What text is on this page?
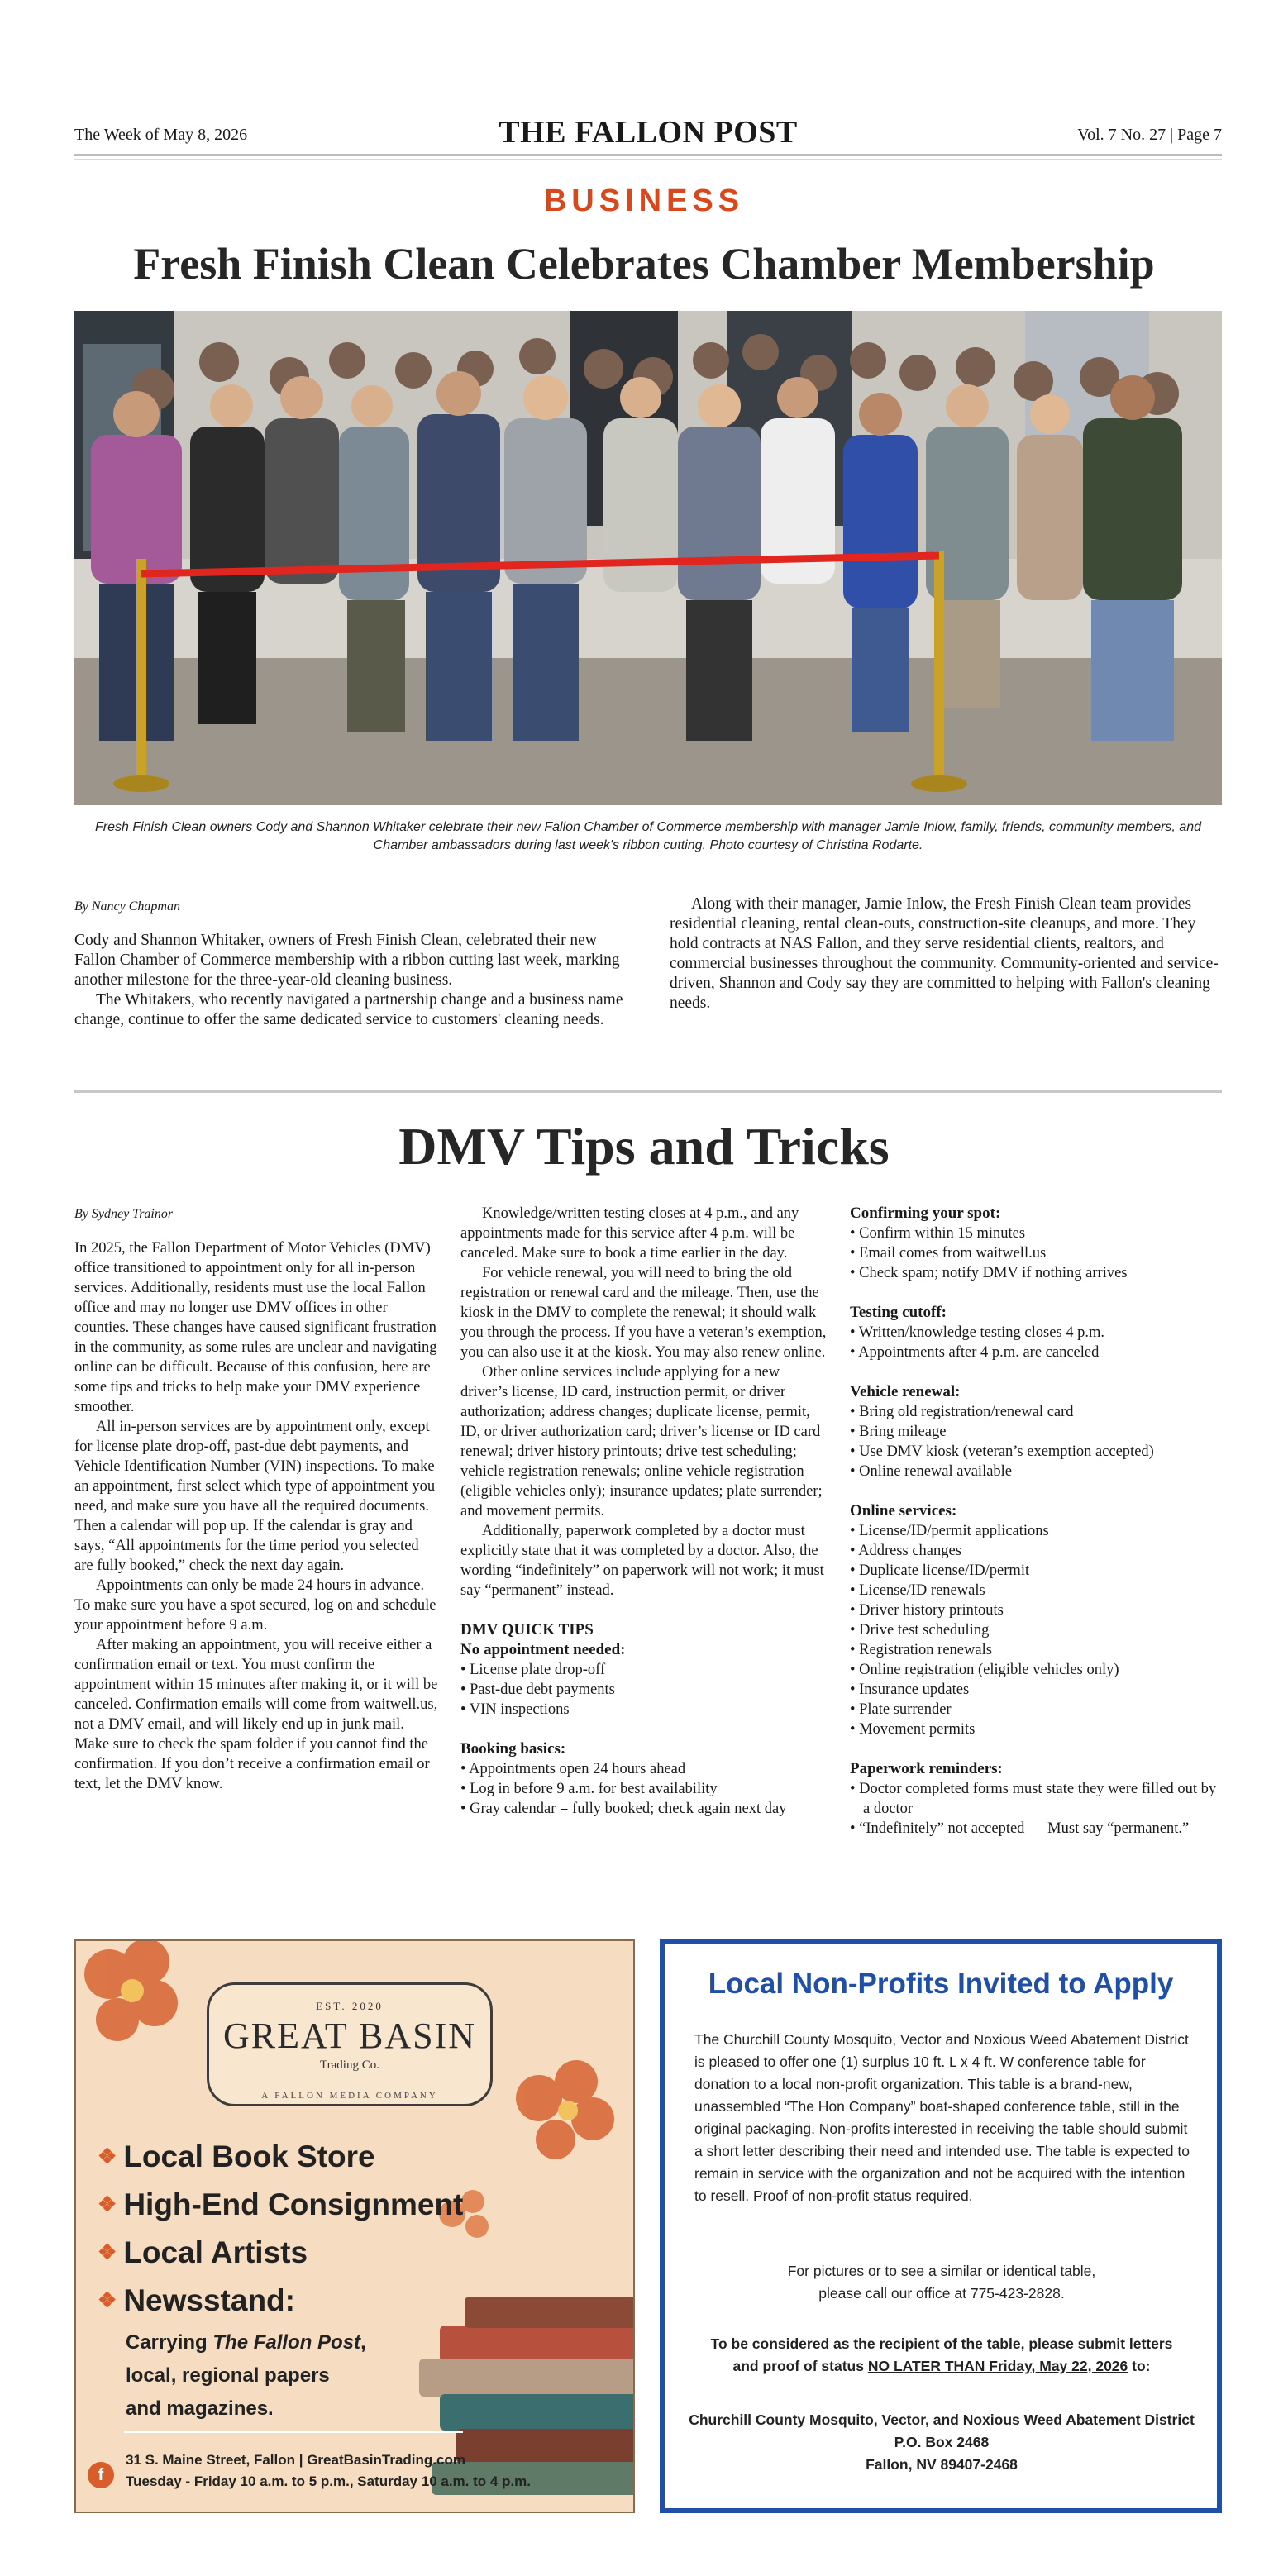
The Week of May 8, 2026	THE FALLON POST	Vol. 7 No. 27 | Page 7
BUSINESS
Fresh Finish Clean Celebrates Chamber Membership
Fresh Finish Clean owners Cody and Shannon Whitaker celebrate their new Fallon Chamber of Commerce membership with manager Jamie Inlow, family, friends, community members, and Chamber ambassadors during last week's ribbon cutting. Photo courtesy of Christina Rodarte.
By Nancy Chapman

Cody and Shannon Whitaker, owners of Fresh Finish Clean, celebrated their new Fallon Chamber of Commerce membership with a ribbon cutting last week, marking another milestone for the three-year-old cleaning business.

The Whitakers, who recently navigated a partnership change and a business name change, continue to offer the same dedicated service to customers' cleaning needs.

Along with their manager, Jamie Inlow, the Fresh Finish Clean team provides residential cleaning, rental clean-outs, construction-site cleanups, and more. They hold contracts at NAS Fallon, and they serve residential clients, realtors, and commercial businesses throughout the community. Community-oriented and service-driven, Shannon and Cody say they are committed to helping with Fallon's cleaning needs.

DMV Tips and Tricks
By Sydney Trainor

In 2025, the Fallon Department of Motor Vehicles (DMV) office transitioned to appointment only for all in-person services. Additionally, residents must use the local Fallon office and may no longer use DMV offices in other counties. These changes have caused significant frustration in the community, as some rules are unclear and navigating online can be difficult. Because of this confusion, here are some tips and tricks to help make your DMV experience smoother.

All in-person services are by appointment only, except for license plate drop-off, past-due debt payments, and Vehicle Identification Number (VIN) inspections. To make an appointment, first select which type of appointment you need, and make sure you have all the required documents. Then a calendar will pop up. If the calendar is gray and says, “All appointments for the time period you selected are fully booked,” check the next day again.

Appointments can only be made 24 hours in advance. To make sure you have a spot secured, log on and schedule your appointment before 9 a.m.

After making an appointment, you will receive either a confirmation email or text. You must confirm the appointment within 15 minutes after making it, or it will be canceled. Confirmation emails will come from waitwell.us, not a DMV email, and will likely end up in junk mail. Make sure to check the spam folder if you cannot find the confirmation. If you don’t receive a confirmation email or text, let the DMV know.

Knowledge/written testing closes at 4 p.m., and any appointments made for this service after 4 p.m. will be canceled. Make sure to book a time earlier in the day.

For vehicle renewal, you will need to bring the old registration or renewal card and the mileage. Then, use the kiosk in the DMV to complete the renewal; it should walk you through the process. If you have a veteran’s exemption, you can also use it at the kiosk. You may also renew online.

Other online services include applying for a new driver’s license, ID card, instruction permit, or driver authorization; address changes; duplicate license, permit, ID, or driver authorization card; driver’s license or ID card renewal; driver history printouts; drive test scheduling; vehicle registration renewals; online vehicle registration (eligible vehicles only); insurance updates; plate surrender; and movement permits.

Additionally, paperwork completed by a doctor must explicitly state that it was completed by a doctor. Also, the wording “indefinitely” on paperwork will not work; it must say “permanent” instead.

DMV QUICK TIPS
No appointment needed:
• License plate drop-off
• Past-due debt payments
• VIN inspections
Booking basics:
• Appointments open 24 hours ahead
• Log in before 9 a.m. for best availability
• Gray calendar = fully booked; check again next day
Confirming your spot:
• Confirm within 15 minutes
• Email comes from waitwell.us
• Check spam; notify DMV if nothing arrives
Testing cutoff:
• Written/knowledge testing closes 4 p.m.
• Appointments after 4 p.m. are canceled
Vehicle renewal:
• Bring old registration/renewal card
• Bring mileage
• Use DMV kiosk (veteran’s exemption accepted)
• Online renewal available
Online services:
• License/ID/permit applications
• Address changes
• Duplicate license/ID/permit
• License/ID renewals
• Driver history printouts
• Drive test scheduling
• Registration renewals
• Online registration (eligible vehicles only)
• Insurance updates
• Plate surrender
• Movement permits
Paperwork reminders:
• Doctor completed forms must state they were filled out by a doctor
• “Indefinitely” not accepted — Must say “permanent.”
EST. 2020
GREAT BASIN
Trading Co.
A FALLON MEDIA COMPANY
❖ Local Book Store
❖ High-End Consignment
❖ Local Artists
❖ Newsstand:
Carrying The Fallon Post,
local, regional papers
and magazines.
f
31 S. Maine Street, Fallon | GreatBasinTrading.com
Tuesday - Friday 10 a.m. to 5 p.m., Saturday 10 a.m. to 4 p.m.
Local Non-Profits Invited to Apply
The Churchill County Mosquito, Vector and Noxious Weed Abatement District is pleased to offer one (1) surplus 10 ft. L x 4 ft. W conference table for donation to a local non-profit organization. This table is a brand-new, unassembled “The Hon Company” boat-shaped conference table, still in the original packaging. Non-profits interested in receiving the table should submit a short letter describing their need and intended use. The table is expected to remain in service with the organization and not be acquired with the intention to resell. Proof of non-profit status required.
For pictures or to see a similar or identical table,
please call our office at 775-423-2828.
To be considered as the recipient of the table, please submit letters
and proof of status NO LATER THAN Friday, May 22, 2026 to:
Churchill County Mosquito, Vector, and Noxious Weed Abatement District
P.O. Box 2468
Fallon, NV 89407-2468
